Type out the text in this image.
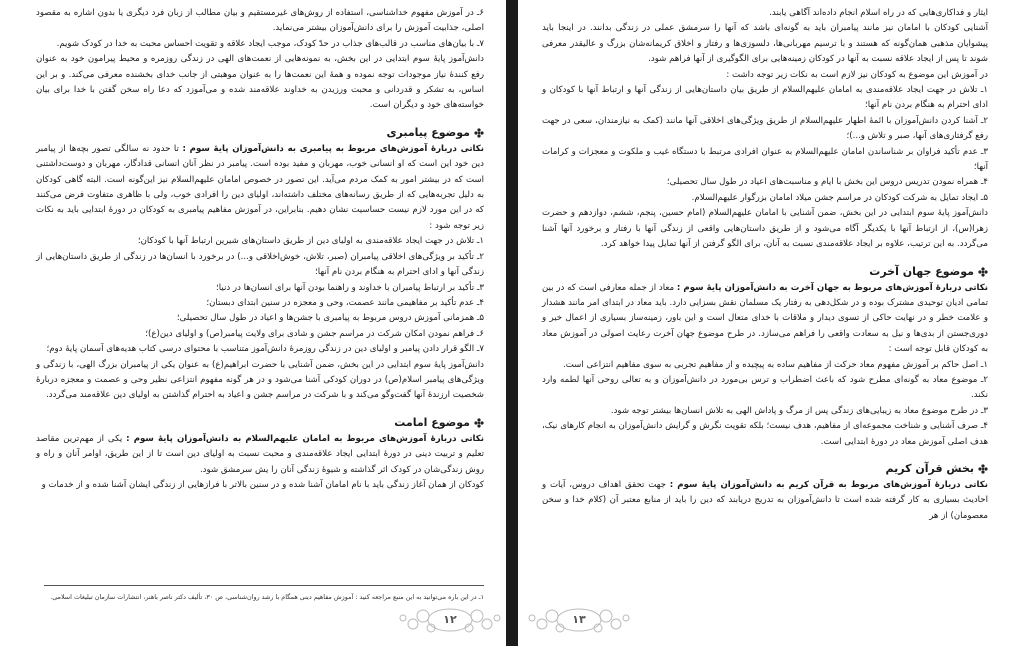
۶ـ در آموزش مفهوم خداشناسی، استفاده از روش‌های غیرمستقیم و بیان مطالب از زبان فرد دیگری یا بدون اشاره به مقصود اصلی، جذابیت آموزش را برای دانش‌آموزان بیشتر می‌نماید.

۷ـ با بیان‌های مناسب در قالب‌های جذاب در حدّ کودک، موجب ایجاد علاقه و تقویت احساس محبت به خدا در کودک شویم.

دانش‌آموز پایهٔ سوم ابتدایی در این بخش، به نمونه‌هایی از نعمت‌های الهی در زندگی روزمره و محیط پیرامون خود به عنوان رفع کنندهٔ نیاز موجودات توجه نموده و همهٔ این نعمت‌ها را به عنوان موهبتی از جانب خدای بخشنده معرفی می‌کند. و بر این اساس، به تشکر و قدردانی و محبت ورزیدن به خداوند علاقه‌مند شده و می‌آموزد که دعا راه سخن گفتن با خدا برای بیان خواسته‌های خود و دیگران است.

موضوع پیامبری

نکاتی دربارهٔ آموزش‌های مربوط به پیامبری به دانش‌آموزان پایهٔ سوم : تا حدود نه سالگی تصور بچه‌ها از پیامبر دین خود این است که او انسانی خوب، مهربان و مفید بوده است. پیامبر در نظر آنان انسانی قدادگار، مهربان و دوست‌داشتنی است که در بیشتر امور به کمک مردم می‌آید. این تصور در خصوص امامان علیهم‌السلام نیز این‌گونه است. البته گاهی کودکان به دلیل تجربه‌هایی که از طریق رسانه‌های مختلف داشته‌اند، اولیای دین را افرادی خوب، ولی با ظاهری متفاوت فرض می‌کنند که در این مورد لازم نیست حساسیت نشان دهیم. بنابراین، در آموزش مفاهیم پیامبری به کودکان در دورهٔ ابتدایی باید به نکات زیر توجه شود :

۱ـ تلاش در جهت ایجاد علاقه‌مندی به اولیای دین از طریق داستان‌های شیرین ارتباط آنها با کودکان؛

۲ـ تأکید بر ویژگی‌های اخلاقی پیامبران (صبر، تلاش، خوش‌اخلاقی و...) در برخورد با انسان‌ها در زندگی از طریق داستان‌هایی از زندگی آنها و ادای احترام به هنگام بردن نام آنها؛

۳ـ تأکید بر ارتباط پیامبران با خداوند و راهنما بودن آنها برای انسان‌ها در دنیا؛

۴ـ عدم تأکید بر مفاهیمی مانند عصمت، وحی و معجزه در سنین ابتدای دبستان؛

۵ـ همزمانی آموزش دروس مربوط به پیامبری با جشن‌ها و اعیاد در طول سال تحصیلی؛

۶ـ فراهم نمودن امکان شرکت در مراسم جشن و شادی برای ولایت پیامبر(ص) و اولیای دین(ع)؛

۷ـ الگو قرار دادن پیامبر و اولیای دین در زندگی روزمرهٔ دانش‌آموز متناسب با محتوای درسی کتاب هدیه‌های آسمان پایهٔ دوم؛

دانش‌آموز پایهٔ سوم ابتدایی در این بخش، ضمن آشنایی با حضرت ابراهیم(ع) به عنوان یکی از پیامبران بزرگ الهی، با زندگی و ویژگی‌های پیامبر اسلام(ص) در دوران کودکی آشنا می‌شود و در هر گونه مفهوم انتزاعی نظیر وحی و عصمت و معجزه دربارهٔ شخصیت ارزندهٔ آنها گفت‌وگو می‌کند و با شرکت در مراسم جشن و اعیاد به احترام گذاشتن به اولیای دین علاقه‌مند می‌گردد.

موضوع امامت

نکاتی دربارهٔ آموزش‌های مربوط به امامان علیهم‌السلام به دانش‌آموزان پایهٔ سوم : یکی از مهم‌ترین مقاصد تعلیم و تربیت دینی در دورهٔ ابتدایی ایجاد علاقه‌مندی و محبت نسبت به اولیای دین است تا از این طریق، اوامر آنان و راه و روش زندگی‌شان در کودک اثر گذاشته و شیوهٔ زندگی آنان را یش سرمشق شود.

کودکان از همان آغاز زندگی باید با نام امامان آشنا شده و در سنین بالاتر با فرازهایی از زندگی ایشان آشنا شده و از خدمات و

۱ـ در این باره می‌توانید به این منبع مراجعه کنید : آموزش مفاهیم دینی همگام با رشد روان‌شناسی، ص ۳۰، تألیف دکتر ناصر باهنر، انتشارات سازمان تبلیغات اسلامی.
۱۲

ایثار و فداکاری‌هایی که در راه اسلام انجام داده‌اند آگاهی یابند.

آشنایی کودکان با امامان نیز مانند پیامبران باید به گونه‌ای باشد که آنها را سرمشق عملی در زندگی بدانند. در اینجا باید پیشوایان مذهبی همان‌گونه که هستند و با ترسیم مهربانی‌ها، دلسوزی‌ها و رفتار و اخلاق کریمانه‌شان بزرگ و عالیقدر معرفی شوند تا پس از ایجاد علاقه نسبت به آنها در کودکان زمینه‌هایی برای الگوگیری از آنها فراهم شود.

در آموزش این موضوع به کودکان نیز لازم است به نکات زیر توجه داشت :

۱ـ تلاش در جهت ایجاد علاقه‌مندی به امامان علیهم‌السلام از طریق بیان داستان‌هایی از زندگی آنها و ارتباط آنها با کودکان و ادای احترام به هنگام بردن نام آنها؛

۲ـ آشنا کردن دانش‌آموزان با ائمهٔ اطهار علیهم‌السلام از طریق ویژگی‌های اخلاقی آنها مانند (کمک به نیازمندان، سعی در جهت رفع گرفتاری‌های آنها، صبر و تلاش و...)؛

۳ـ عدم تأکید فراوان بر شناساندن امامان علیهم‌السلام به عنوان افرادی مرتبط با دستگاه غیب و ملکوت و معجزات و کرامات آنها؛

۴ـ همراه نمودن تدریس دروس این بخش با ایام و مناسبت‌های اعیاد در طول سال تحصیلی؛

۵ـ ایجاد تمایل به شرکت کودکان در مراسم جشن میلاد امامان بزرگوار علیهم‌السلام.

دانش‌آموز پایهٔ سوم ابتدایی در این بخش، ضمن آشنایی با امامان علیهم‌السلام (امام حسین، پنجم، ششم، دوازدهم و حضرت زهرا(س)، از ارتباط آنها با یکدیگر آگاه می‌شود و از طریق داستان‌هایی واقعی از زندگی آنها با رفتار و برخورد آنها آشنا می‌گردد. به این ترتیب، علاوه بر ایجاد علاقه‌مندی نسبت به آنان، برای الگو گرفتن از آنها تمایل پیدا خواهد کرد.

موضوع جهان آخرت

نکاتی دربارهٔ آموزش‌های مربوط به جهان آخرت به دانش‌آموزان پایهٔ سوم : معاد از جمله معارفی است که در بین تمامی ادیان توحیدی مشترک بوده و در شکل‌دهی به رفتار یک مسلمان نقش بسزایی دارد. باید معاد در ابتدای امر مانند هشدار و علامت خطر و در نهایت حاکی از تسوی دیدار و ملاقات با خدای متعال است و این باور، زمینه‌ساز بسیاری از اعمال خیر و دوری‌جستن از بدی‌ها و نیل به سعادت واقعی را فراهم می‌سازد. در طرح موضوع جهان آخرت رعایت اصولی در آموزش معاد به کودکان قابل توجه است :

۱ـ اصل حاکم بر آموزش مفهوم معاد حرکت از مفاهیم ساده به پیچیده و از مفاهیم تجربی به سوی مفاهیم انتزاعی است.

۲ـ موضوع معاد به گونه‌ای مطرح شود که باعث اضطراب و ترس بی‌مورد در دانش‌آموزان و به تعالی روحی آنها لطمه وارد نکند.

۳ـ در طرح موضوع معاد به زیبایی‌های زندگی پس از مرگ و پاداش الهی به تلاش انسان‌ها بیشتر توجه شود.

۴ـ صرف آشنایی و شناخت مجموعه‌ای از مفاهیم، هدف نیست؛ بلکه تقویت نگرش و گرایش دانش‌آموزان به انجام کارهای نیک، هدف اصلی آموزش معاد در دورهٔ ابتدایی است.

بخش قرآن کریم

نکاتی دربارهٔ آموزش‌های مربوط به قرآن کریم به دانش‌آموزان پایهٔ سوم : جهت تحقق اهداف دروس، آیات و احادیث بسیاری به کار گرفته شده است تا دانش‌آموزان به تدریج دریابند که دین را باید از منابع معتبر آن (کلام خدا و سخن معصومان) از هر

۱۳
